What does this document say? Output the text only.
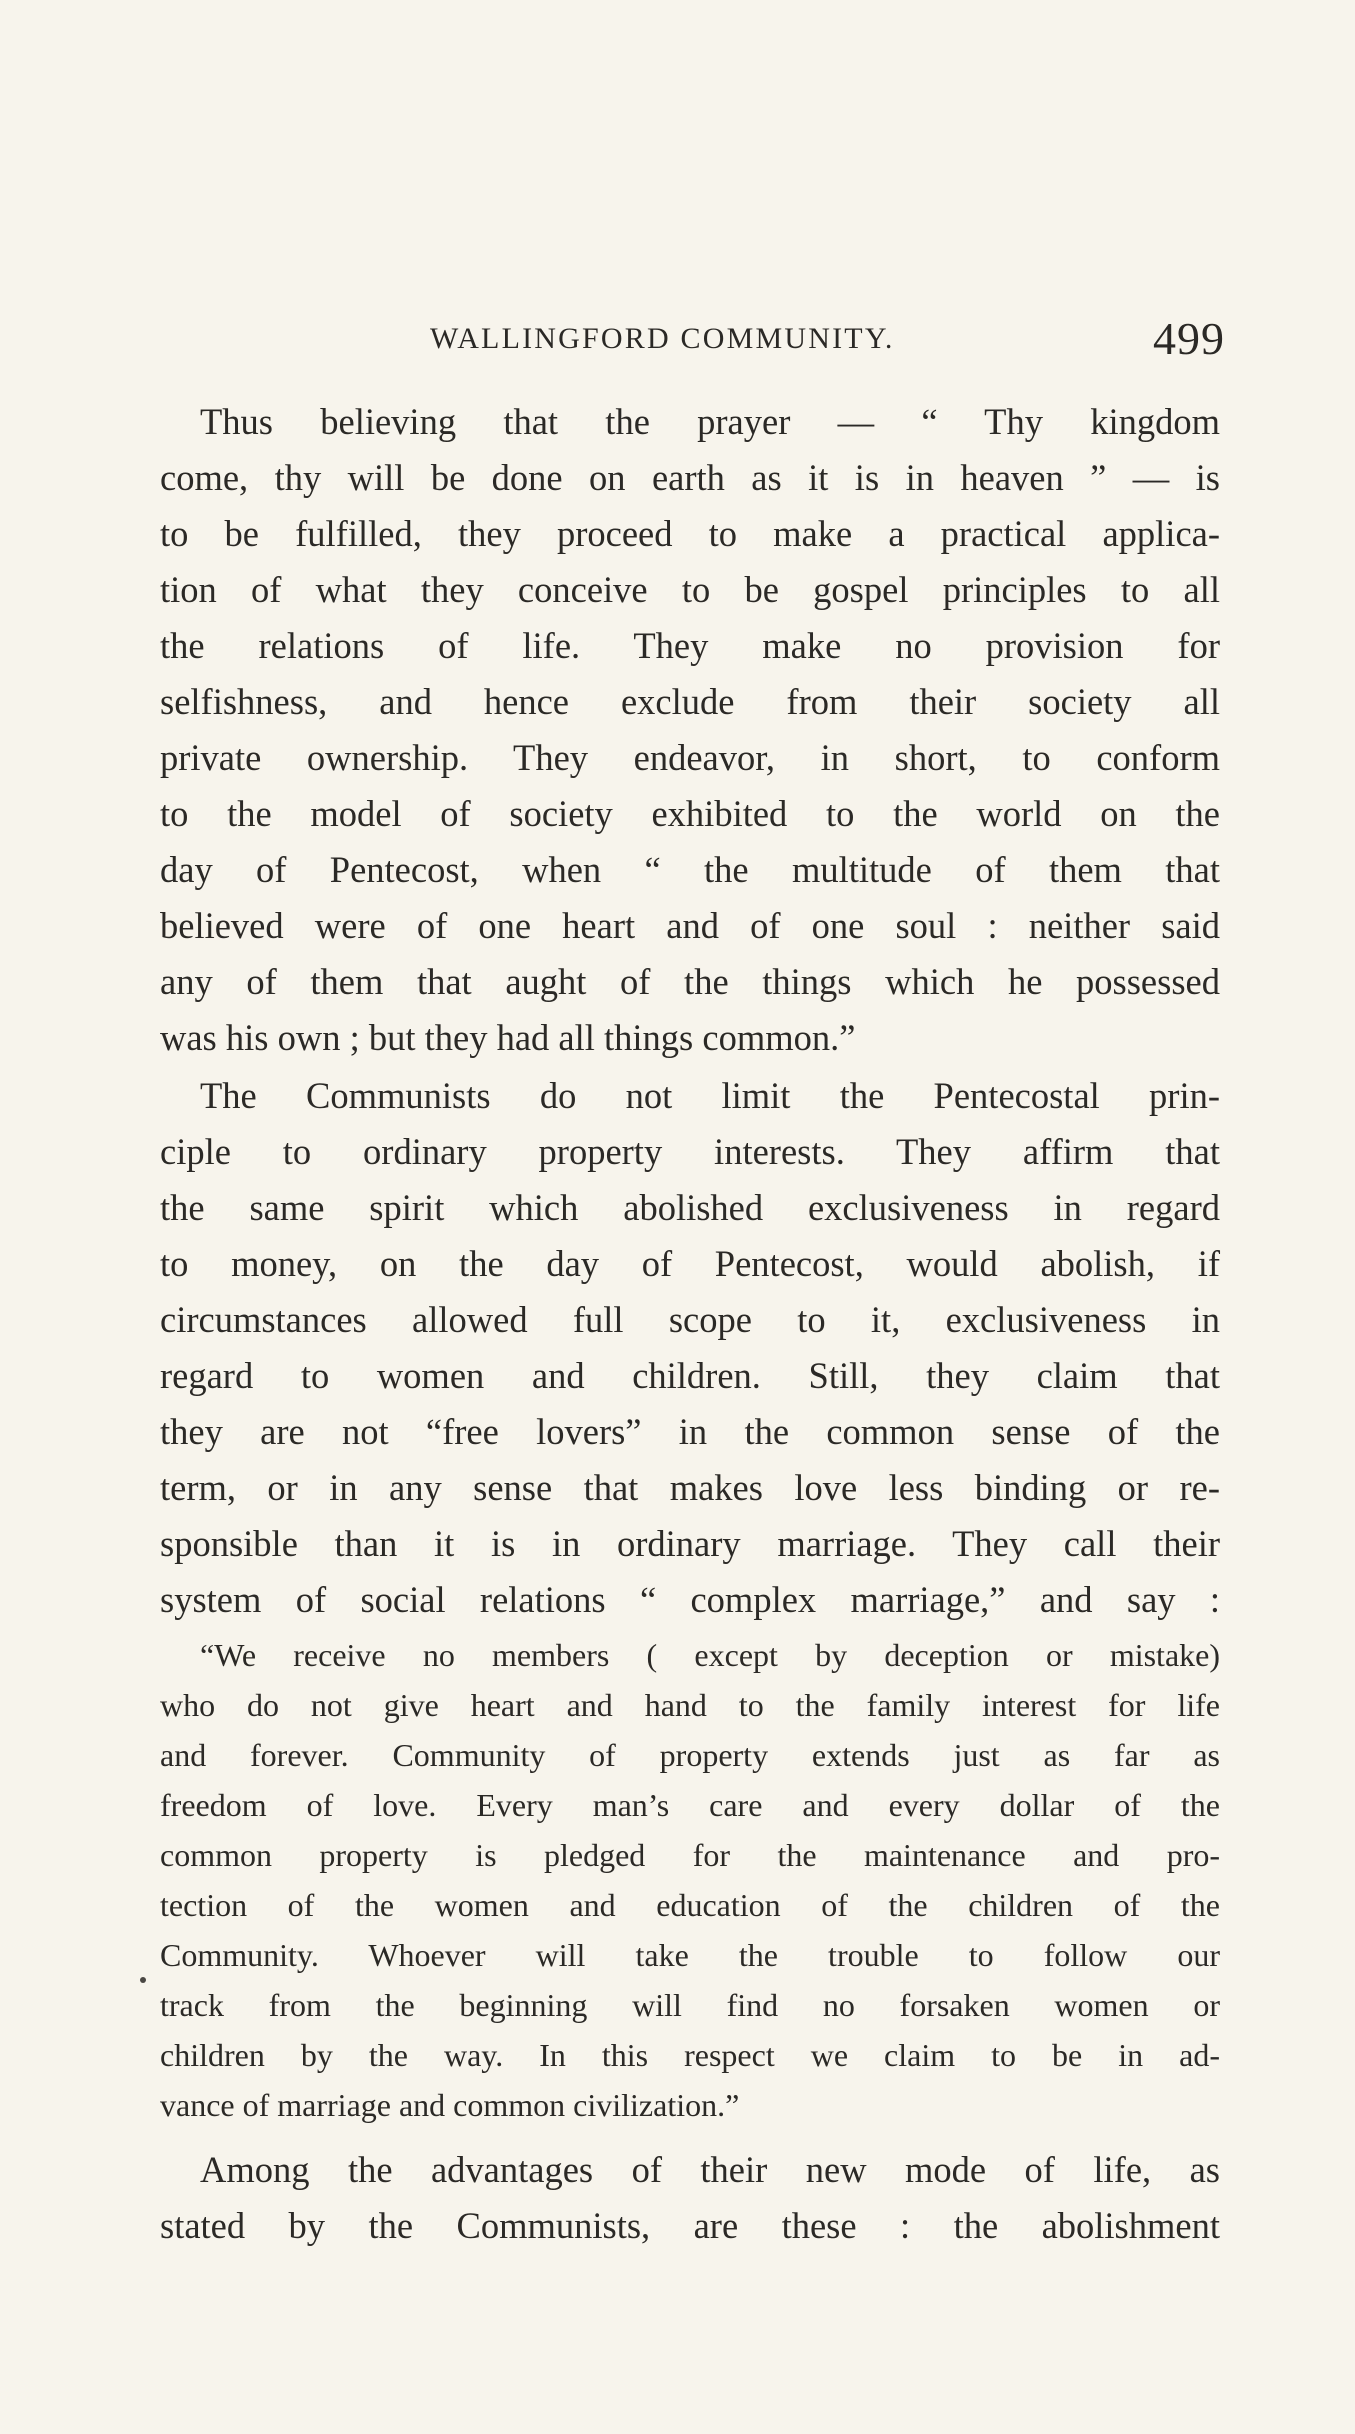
WALLINGFORD COMMUNITY.	499
Thus believing that the prayer — “ Thy kingdom
come, thy will be done on earth as it is in heaven ” — is
to be fulfilled, they proceed to make a practical applica-
tion of what they conceive to be gospel principles to all
the relations of life. They make no provision for
selfishness, and hence exclude from their society all
private ownership. They endeavor, in short, to conform
to the model of society exhibited to the world on the
day of Pentecost, when “ the multitude of them that
believed were of one heart and of one soul : neither said
any of them that aught of the things which he possessed
was his own ; but they had all things common.”
The Communists do not limit the Pentecostal prin-
ciple to ordinary property interests. They affirm that
the same spirit which abolished exclusiveness in regard
to money, on the day of Pentecost, would abolish, if
circumstances allowed full scope to it, exclusiveness in
regard to women and children. Still, they claim that
they are not “free lovers” in the common sense of the
term, or in any sense that makes love less binding or re-
sponsible than it is in ordinary marriage. They call their
system of social relations “ complex marriage,” and say :
“We receive no members ( except by deception or mistake)
who do not give heart and hand to the family interest for life
and forever. Community of property extends just as far as
freedom of love. Every man’s care and every dollar of the
common property is pledged for the maintenance and pro-
tection of the women and education of the children of the
Community. Whoever will take the trouble to follow our
track from the beginning will find no forsaken women or
children by the way. In this respect we claim to be in ad-
vance of marriage and common civilization.”
Among the advantages of their new mode of life, as
stated by the Communists, are these : the abolishment
